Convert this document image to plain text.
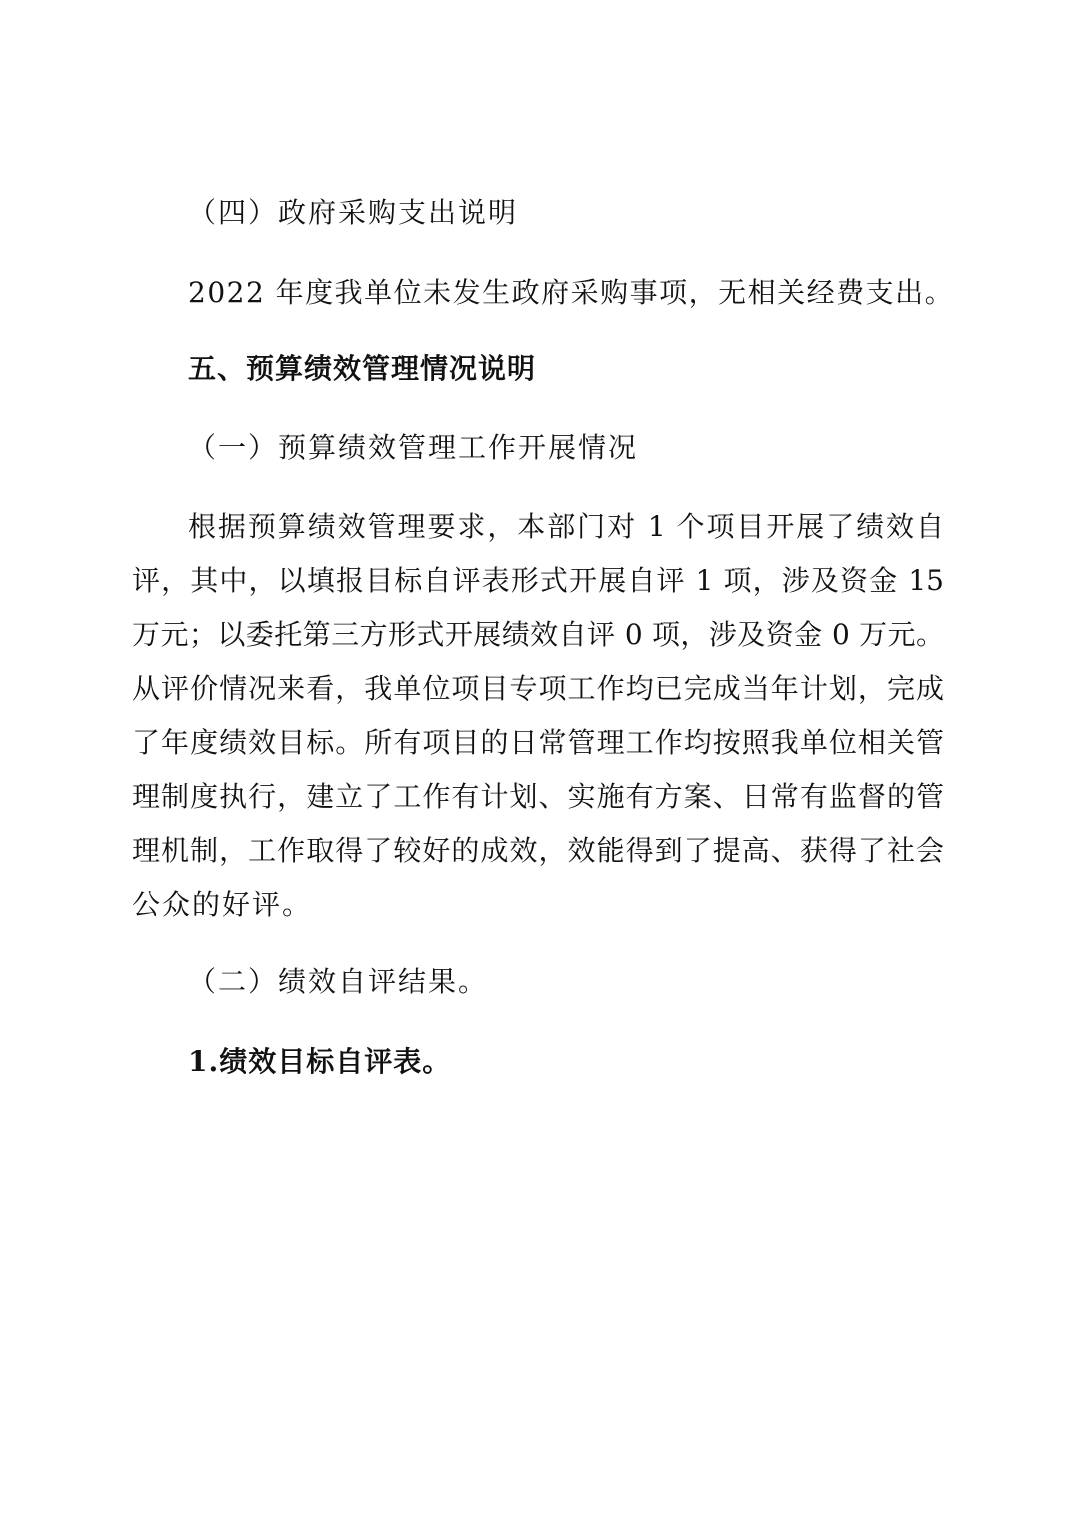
（四）政府采购支出说明
2022 年度我单位未发生政府采购事项，无相关经费支出。
五、预算绩效管理情况说明
（一）预算绩效管理工作开展情况
根据预算绩效管理要求，本部门对 1 个项目开展了绩效自
评，其中，以填报目标自评表形式开展自评 1 项，涉及资金 15
万元；以委托第三方形式开展绩效自评 0 项，涉及资金 0 万元。
从评价情况来看，我单位项目专项工作均已完成当年计划，完成
了年度绩效目标。所有项目的日常管理工作均按照我单位相关管
理制度执行，建立了工作有计划、实施有方案、日常有监督的管
理机制，工作取得了较好的成效，效能得到了提高、获得了社会
公众的好评。
（二）绩效自评结果。
1.绩效目标自评表。
